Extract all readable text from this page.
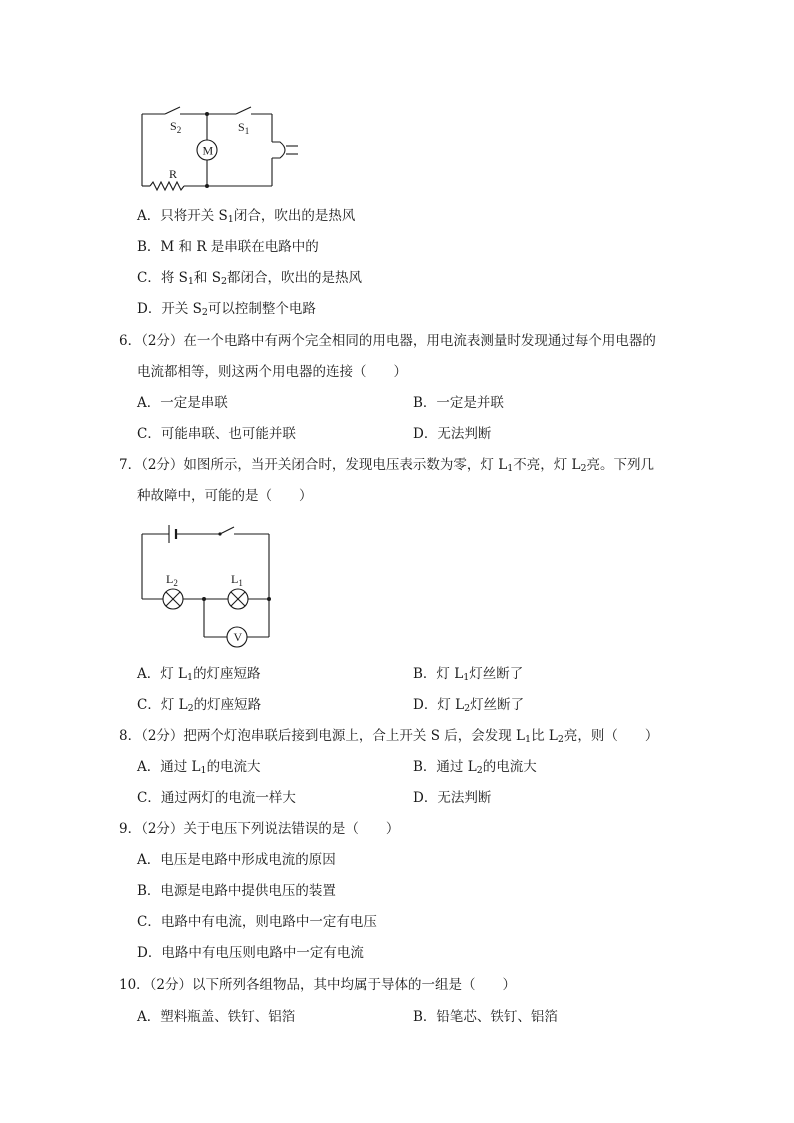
$S_2$	$S_1$
M
R
A．只将开关 $S_1$闭合，吹出的是热风
B．M 和 R 是串联在电路中的
C．将 $S_1$和 $S_2$都闭合，吹出的是热风
D．开关 $S_2$可以控制整个电路
6．（2分）在一个电路中有两个完全相同的用电器，用电流表测量时发现通过每个用电器的
电流都相等，则这两个用电器的连接（　　）
A．一定是串联	B．一定是并联
C．可能串联、也可能并联	D．无法判断
7．（2分）如图所示，当开关闭合时，发现电压表示数为零，灯 $L_1$不亮，灯 $L_2$亮。下列几
种故障中，可能的是（　　）
$L_2$	$L_1$
V
A．灯 $L_1$的灯座短路	B．灯 $L_1$灯丝断了
C．灯 $L_2$的灯座短路	D．灯 $L_2$灯丝断了
8．（2分）把两个灯泡串联后接到电源上，合上开关 S 后，会发现 $L_1$比 $L_2$亮，则（　　）
A．通过 $L_1$的电流大	B．通过 $L_2$的电流大
C．通过两灯的电流一样大	D．无法判断
9．（2分）关于电压下列说法错误的是（　　）
A．电压是电路中形成电流的原因
B．电源是电路中提供电压的装置
C．电路中有电流，则电路中一定有电压
D．电路中有电压则电路中一定有电流
10．（2分）以下所列各组物品，其中均属于导体的一组是（　　）
A．塑料瓶盖、铁钉、铝箔	B．铅笔芯、铁钉、铝箔
